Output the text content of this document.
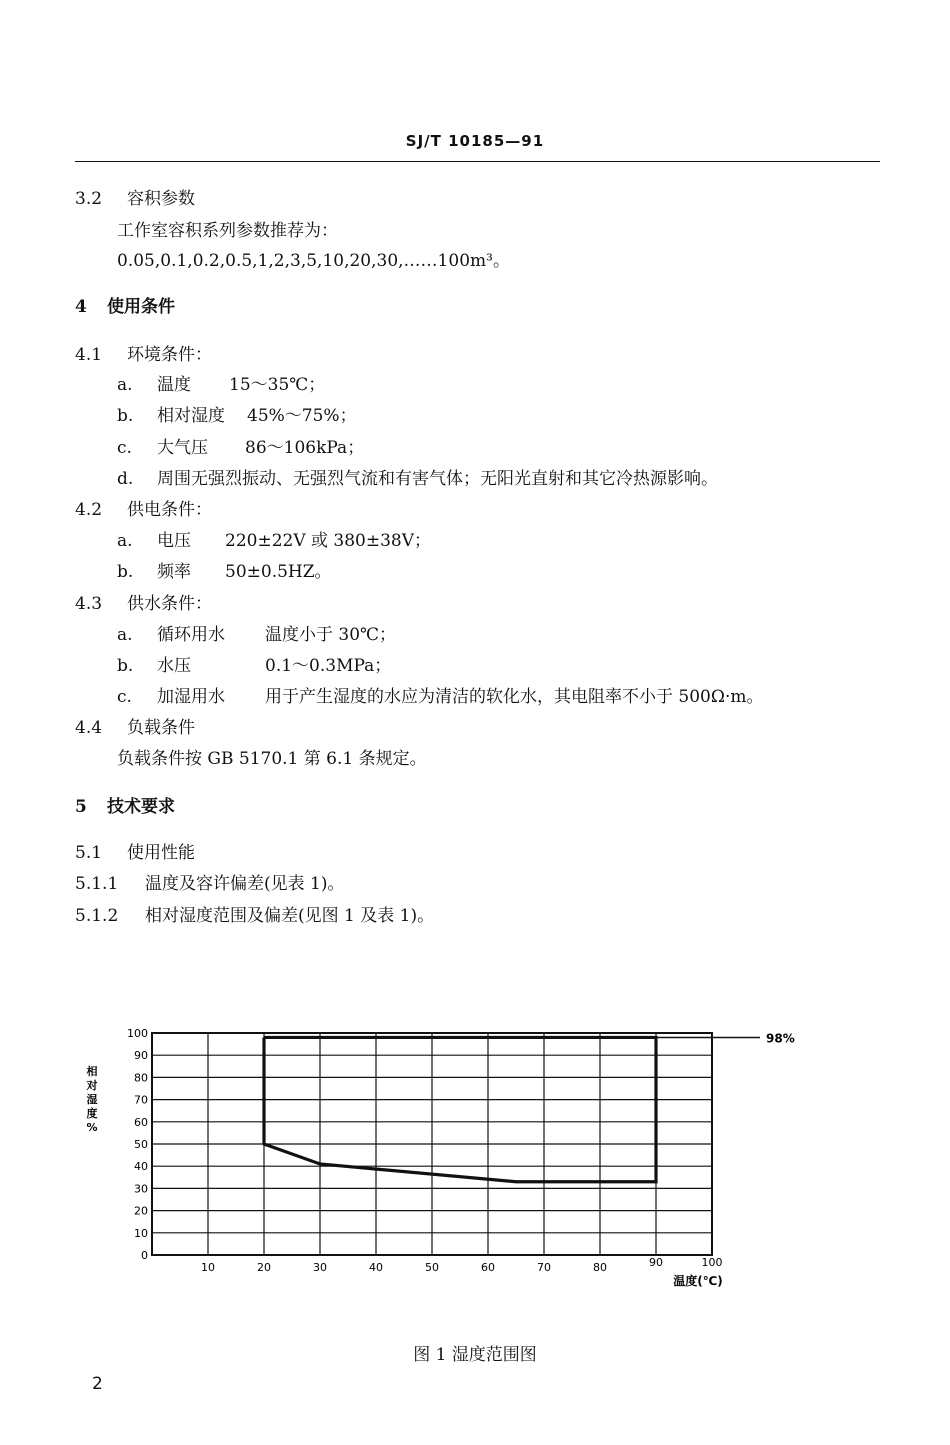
SJ/T 10185—91
3.2 容积参数
工作室容积系列参数推荐为：
0.05,0.1,0.2,0.5,1,2,3,5,10,20,30,……100m³。
4 使用条件
4.1 环境条件：
a. 温度 15～35℃；
b. 相对湿度 45%～75%；
c. 大气压 86～106kPa；
d. 周围无强烈振动、无强烈气流和有害气体；无阳光直射和其它冷热源影响。
4.2 供电条件：
a. 电压 220±22V 或 380±38V；
b. 频率 50±0.5HZ。
4.3 供水条件：
a. 循环用水 温度小于 30℃；
b. 水压	0.1～0.3MPa；
c. 加湿用水 用于产生湿度的水应为清洁的软化水，其电阻率不小于 500Ω·m。
4.4 负载条件
负载条件按 GB 5170.1 第 6.1 条规定。
5 技术要求
5.1 使用性能
5.1.1 温度及容许偏差(见表 1)。
5.1.2 相对湿度范围及偏差(见图 1 及表 1)。
98%
0
10
20
30
40
50
60
70
80
90
100
10	20	30	40	50	60	70	80	90	100
温度(℃)
相
对
湿
度
%
图 1 湿度范围图
2
